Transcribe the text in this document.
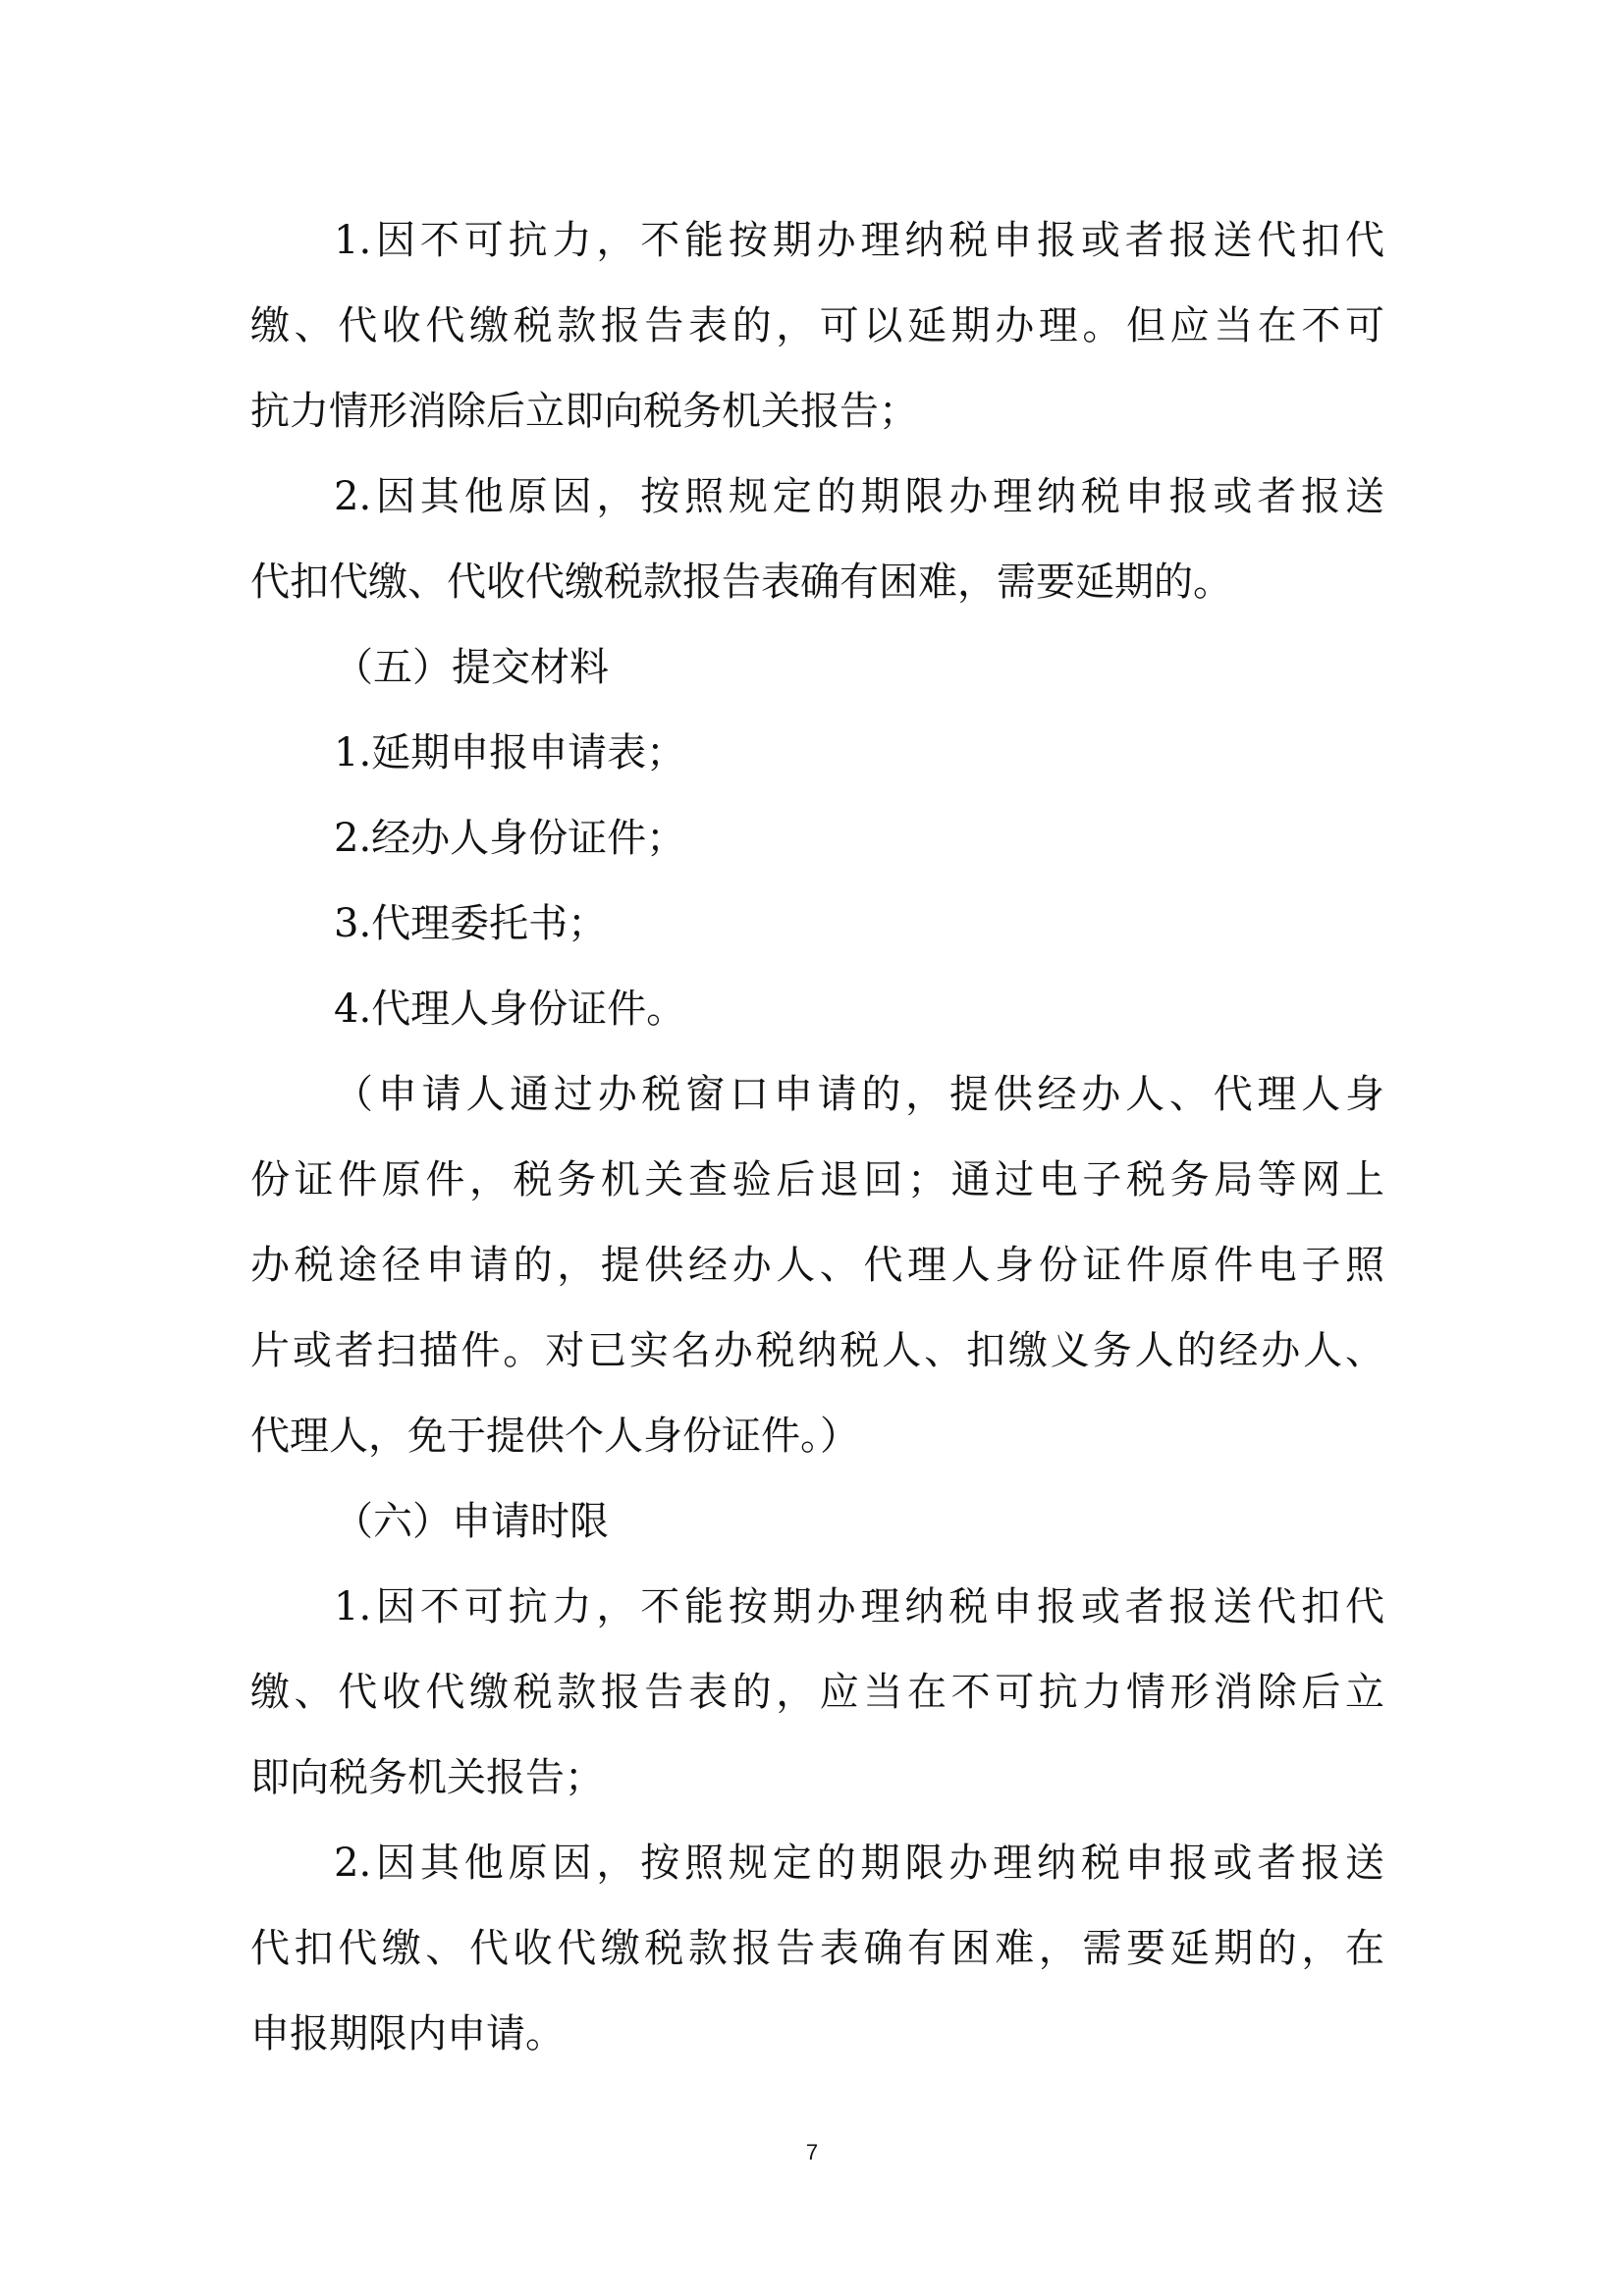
1.因不可抗力，不能按期办理纳税申报或者报送代扣代
缴、代收代缴税款报告表的，可以延期办理。但应当在不可
抗力情形消除后立即向税务机关报告；
2.因其他原因，按照规定的期限办理纳税申报或者报送
代扣代缴、代收代缴税款报告表确有困难，需要延期的。
（五）提交材料
1.延期申报申请表；
2.经办人身份证件；
3.代理委托书；
4.代理人身份证件。
（申请人通过办税窗口申请的，提供经办人、代理人身
份证件原件，税务机关查验后退回；通过电子税务局等网上
办税途径申请的，提供经办人、代理人身份证件原件电子照
片或者扫描件。对已实名办税纳税人、扣缴义务人的经办人、
代理人，免于提供个人身份证件。）
（六）申请时限
1.因不可抗力，不能按期办理纳税申报或者报送代扣代
缴、代收代缴税款报告表的，应当在不可抗力情形消除后立
即向税务机关报告；
2.因其他原因，按照规定的期限办理纳税申报或者报送
代扣代缴、代收代缴税款报告表确有困难，需要延期的，在
申报期限内申请。
7
